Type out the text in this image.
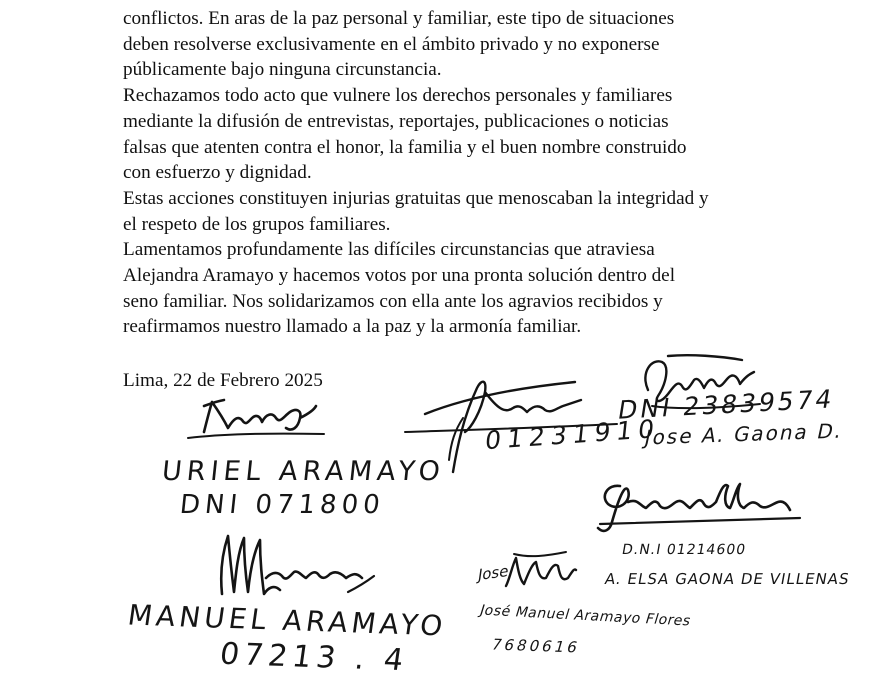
conflictos. En aras de la paz personal y familiar, este tipo de situaciones
deben resolverse exclusivamente en el ámbito privado y no exponerse
públicamente bajo ninguna circunstancia.
Rechazamos todo acto que vulnere los derechos personales y familiares
mediante la difusión de entrevistas, reportajes, publicaciones o noticias
falsas que atenten contra el honor, la familia y el buen nombre construido
con esfuerzo y dignidad.
Estas acciones constituyen injurias gratuitas que menoscaban la integridad y
el respeto de los grupos familiares.
Lamentamos profundamente las difíciles circunstancias que atraviesa
Alejandra Aramayo y hacemos votos por una pronta solución dentro del
seno familiar. Nos solidarizamos con ella ante los agravios recibidos y
reafirmamos nuestro llamado a la paz y la armonía familiar.
Lima, 22 de Febrero 2025
URIEL ARAMAYO
DNI 071800
01231910
DNI 23839574
Jose A. Gaona D.
D.N.I 01214600
A. ELSA GAONA DE VILLENAS
MANUEL ARAMAYO
07213 . 4
Jose
José Manuel Aramayo Flores
7680616
